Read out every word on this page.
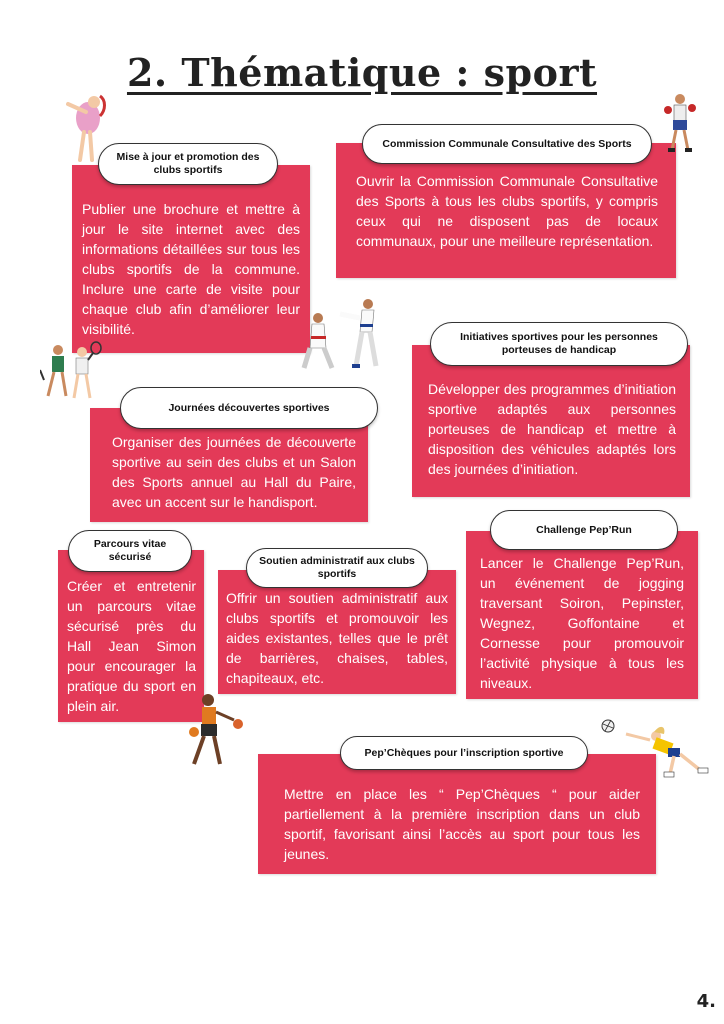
2. Thématique : sport
Publier une brochure et mettre à jour le site internet avec des informations détaillées sur tous les clubs sportifs de la commune. Inclure une carte de visite pour chaque club afin d’améliorer leur visibilité.
Mise à jour et promotion des clubs sportifs
Ouvrir la Commission Communale Consultative des Sports à tous les clubs sportifs, y compris ceux qui ne disposent pas de locaux communaux, pour une meilleure représentation.
Commission Communale Consultative des Sports
Développer des programmes d’initiation sportive adaptés aux personnes porteuses de handicap et mettre à disposition des véhicules adaptés lors des journées d’initiation.
Initiatives sportives pour les personnes porteuses de handicap
Organiser des journées de découverte sportive au sein des clubs et un Salon des Sports annuel au Hall du Paire, avec un accent sur le handisport.
Journées découvertes sportives
Créer et entretenir un parcours vitae sécurisé près du Hall Jean Simon pour encourager la pratique du sport en plein air.
Parcours vitae sécurisé
Offrir un soutien administratif aux clubs sportifs et promouvoir les aides existantes, telles que le prêt de barrières, chaises, tables, chapiteaux, etc.
Soutien administratif aux clubs sportifs
Lancer le Challenge Pep’Run, un événement de jogging traversant Soiron, Pepinster, Wegnez, Goffontaine et Cornesse pour promouvoir l’activité physique à tous les niveaux.
Challenge Pep’Run
Mettre en place les “ Pep’Chèques “ pour aider partiellement à la première inscription dans un club sportif, favorisant ainsi l’accès au sport pour tous les jeunes.
Pep’Chèques pour l’inscription sportive
4.
